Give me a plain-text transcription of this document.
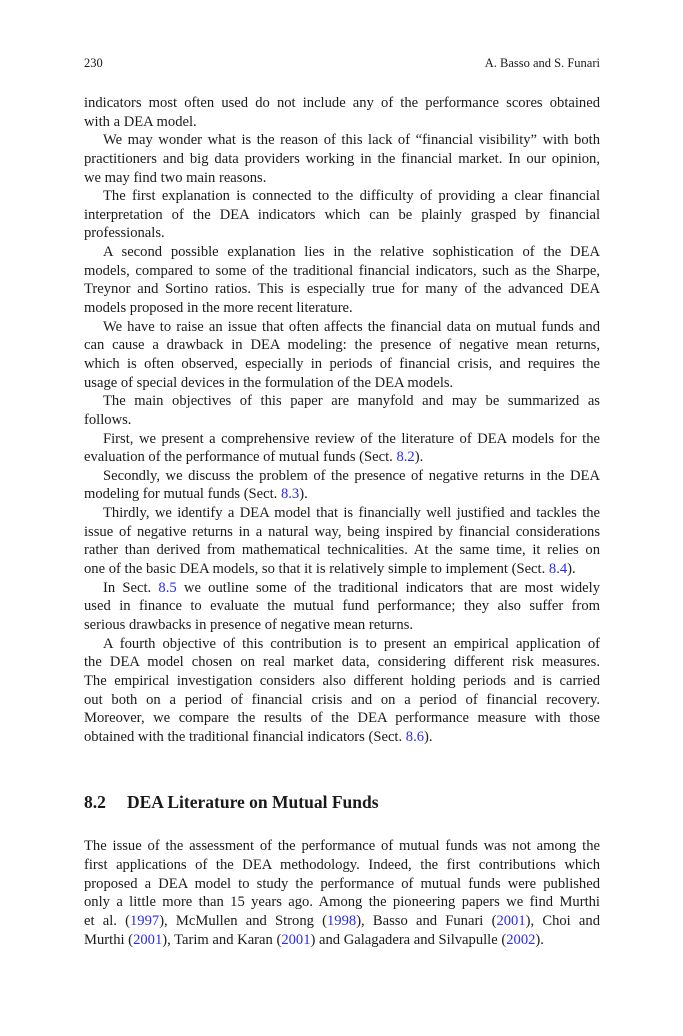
230	A. Basso and S. Funari
indicators most often used do not include any of the performance scores obtained
with a DEA model.
We may wonder what is the reason of this lack of “financial visibility” with both
practitioners and big data providers working in the financial market. In our opinion,
we may find two main reasons.
The first explanation is connected to the difficulty of providing a clear financial
interpretation of the DEA indicators which can be plainly grasped by financial
professionals.
A second possible explanation lies in the relative sophistication of the DEA
models, compared to some of the traditional financial indicators, such as the Sharpe,
Treynor and Sortino ratios. This is especially true for many of the advanced DEA
models proposed in the more recent literature.
We have to raise an issue that often affects the financial data on mutual funds and
can cause a drawback in DEA modeling: the presence of negative mean returns,
which is often observed, especially in periods of financial crisis, and requires the
usage of special devices in the formulation of the DEA models.
The main objectives of this paper are manyfold and may be summarized as
follows.
First, we present a comprehensive review of the literature of DEA models for the
evaluation of the performance of mutual funds (Sect. 8.2).
Secondly, we discuss the problem of the presence of negative returns in the DEA
modeling for mutual funds (Sect. 8.3).
Thirdly, we identify a DEA model that is financially well justified and tackles the
issue of negative returns in a natural way, being inspired by financial considerations
rather than derived from mathematical technicalities. At the same time, it relies on
one of the basic DEA models, so that it is relatively simple to implement (Sect. 8.4).
In Sect. 8.5 we outline some of the traditional indicators that are most widely
used in finance to evaluate the mutual fund performance; they also suffer from
serious drawbacks in presence of negative mean returns.
A fourth objective of this contribution is to present an empirical application of
the DEA model chosen on real market data, considering different risk measures.
The empirical investigation considers also different holding periods and is carried
out both on a period of financial crisis and on a period of financial recovery.
Moreover, we compare the results of the DEA performance measure with those
obtained with the traditional financial indicators (Sect. 8.6).
8.2 DEA Literature on Mutual Funds
The issue of the assessment of the performance of mutual funds was not among the
first applications of the DEA methodology. Indeed, the first contributions which
proposed a DEA model to study the performance of mutual funds were published
only a little more than 15 years ago. Among the pioneering papers we find Murthi
et al. (1997), McMullen and Strong (1998), Basso and Funari (2001), Choi and
Murthi (2001), Tarim and Karan (2001) and Galagadera and Silvapulle (2002).
